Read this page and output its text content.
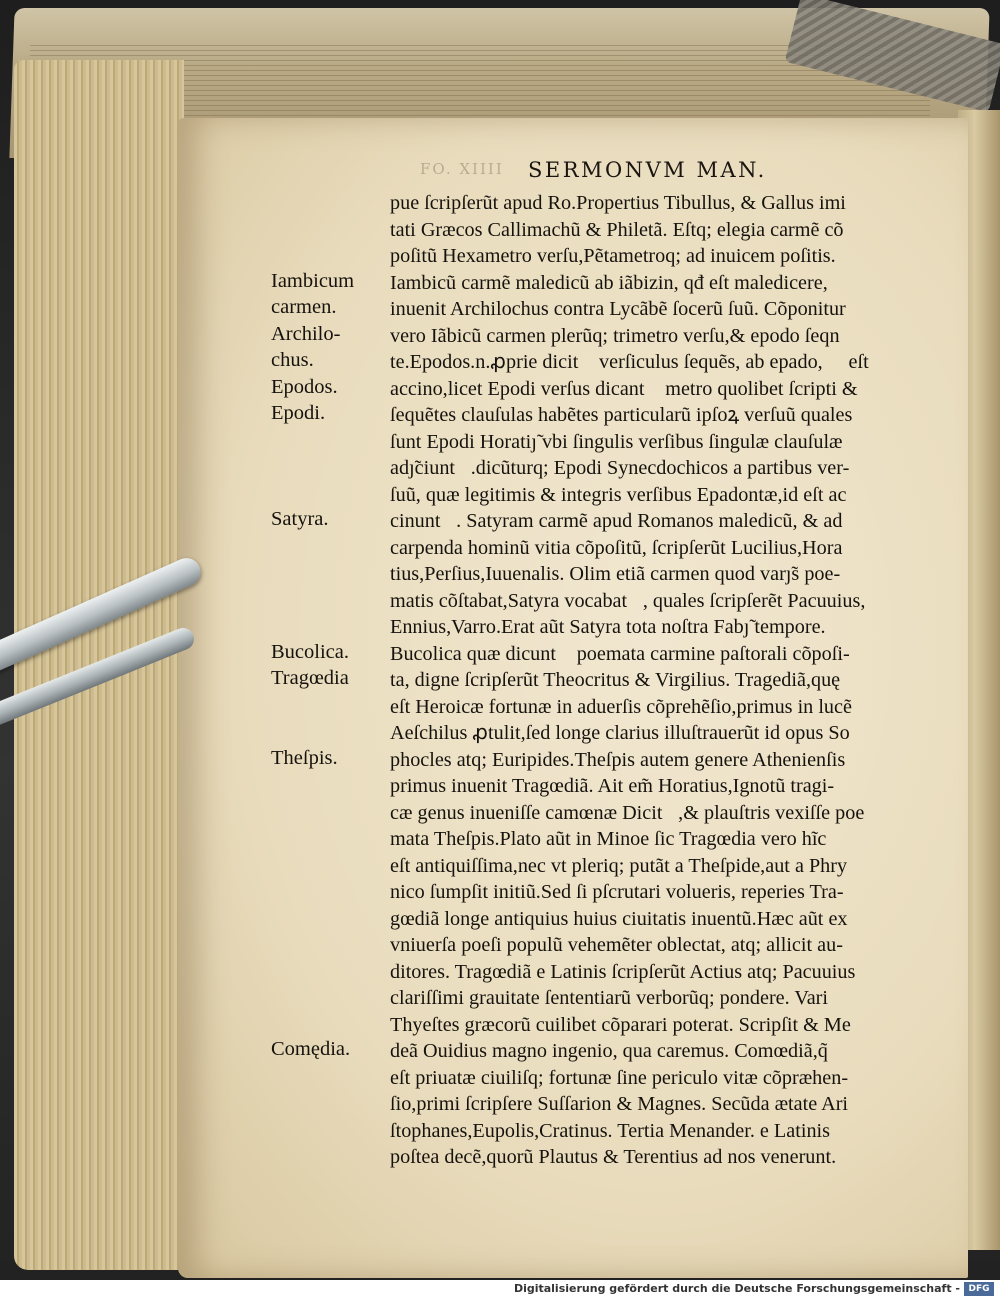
FO. XIIII SERMONVM MAN.
pue ſcripſerũt apud Ro.Propertius Tibullus, & Gallus imi
tati Græcos Callimachũ & Philetã. Eſtq; elegia carmẽ cõ
poſitũ Hexametro verſu,Pẽtametroq; ad inuicem poſitis.
Iambicũ carmẽ maledicũ ab iãbizin, qđ eſt maledicere,
inuenit Archilochus contra Lycãbẽ ſocerũ ſuũ. Cõponitur
vero Iãbicũ carmen plerũq; trimetro verſu,& epodo ſeqn
te.Epodos.n.ꝓprie dicit᷑ verſiculus ſequẽs, ab epado, ꝙ eſt
accino,licet Epodi verſus dicant᷑ metro quolibet ſcripti &
ſequẽtes clauſulas habẽtes particularũ ipſoꝝ verſuũ quales
ſunt Epodi Horatiȷ̃ vbi ſingulis verſibus ſingulæ clauſulæ
adȷ̃ciunt᷑.dicũturq; Epodi Synecdochicos a partibus ver-
ſuũ, quæ legitimis & integris verſibus Epadontæ,id eſt ac
cinunt᷑. Satyram carmẽ apud Romanos maledicũ, & ad
carpenda hominũ vitia cõpoſitũ, ſcripſerũt Lucilius,Hora
tius,Perſius,Iuuenalis. Olim etiã carmen quod varȷ̃s poe-
matis cõſtabat,Satyra vocabat᷑, quales ſcripſerẽt Pacuuius,
Ennius,Varro.Erat aũt Satyra tota noſtra Fabȷ̃ tempore.
Bucolica quæ dicunt᷑ poemata carmine paſtorali cõpoſi-
ta, digne ſcripſerũt Theocritus & Virgilius. Tragediã,quę
eſt Heroicæ fortunæ in aduerſis cõprehẽſio,primus in lucẽ
Aeſchilus ꝓtulit,ſed longe clarius illuſtrauerũt id opus So
phocles atq; Euripides.Theſpis autem genere Athenienſis
primus inuenit Tragœdiã. Ait em̃ Horatius,Ignotũ tragi-
cæ genus inueniſſe camœnæ Dicit᷑,& plauſtris vexiſſe poe
mata Theſpis.Plato aũt in Minoe ſic Tragœdia vero hĩc
eſt antiquiſſima,nec vt pleriq; putãt a Theſpide,aut a Phry
nico ſumpſit initiũ.Sed ſi pſcrutari volueris, reperies Tra-
gœdiã longe antiquius huius ciuitatis inuentũ.Hæc aũt ex
vniuerſa poeſi populũ vehemẽter oblectat, atq; allicit au-
ditores. Tragœdiã e Latinis ſcripſerũt Actius atq; Pacuuius
clariſſimi grauitate ſententiarũ verborũq; pondere. Vari
Thyeſtes græcorũ cuilibet cõparari poterat. Scripſit & Me
deã Ouidius magno ingenio, qua caremus. Comœdiã,q̃
eſt priuatæ ciuiliſq; fortunæ ſine periculo vitæ cõpræhen-
ſio,primi ſcripſere Suſſarion & Magnes. Secũda ætate Ari
ſtophanes,Eupolis,Cratinus. Tertia Menander. e Latinis
poſtea decẽ,quorũ Plautus & Terentius ad nos venerunt.
Iambicum
carmen.
Archilo-
chus.
Epodos.
Epodi.
Satyra.
Bucolica.
Tragœdia
Theſpis.
Comędia.
Digitalisierung gefördert durch die Deutsche Forschungsgemeinschaft - DFG
